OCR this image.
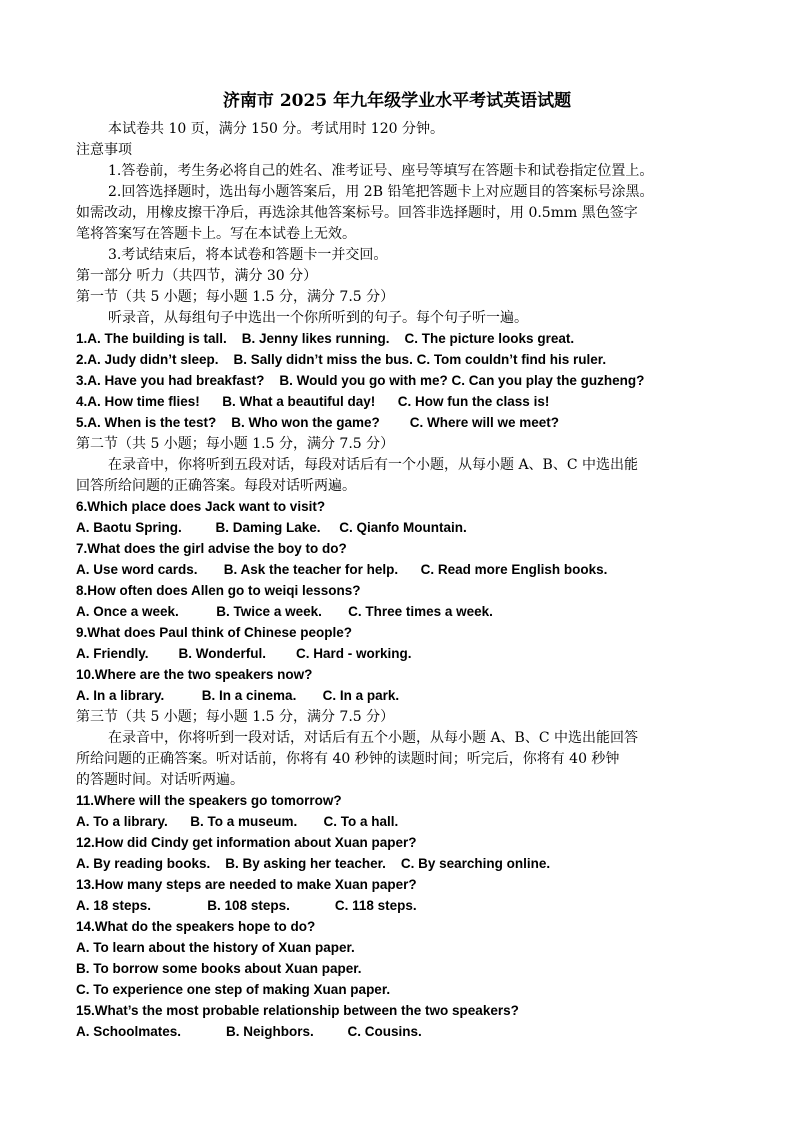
济南市 2025 年九年级学业水平考试英语试题
本试卷共 10 页，满分 150 分。考试用时 120 分钟。
注意事项
1.答卷前，考生务必将自己的姓名、准考证号、座号等填写在答题卡和试卷指定位置上。
2.回答选择题时，选出每小题答案后，用 2B 铅笔把答题卡上对应题目的答案标号涂黑。
如需改动，用橡皮擦干净后，再选涂其他答案标号。回答非选择题时，用 0.5mm 黑色签字
笔将答案写在答题卡上。写在本试卷上无效。
3.考试结束后，将本试卷和答题卡一并交回。
第一部分 听力（共四节，满分 30 分）
第一节（共 5 小题；每小题 1.5 分，满分 7.5 分）
听录音，从每组句子中选出一个你所听到的句子。每个句子听一遍。
1.A. The building is tall.    B. Jenny likes running.    C. The picture looks great.
2.A. Judy didn’t sleep.    B. Sally didn’t miss the bus. C. Tom couldn’t find his ruler.
3.A. Have you had breakfast?    B. Would you go with me? C. Can you play the guzheng?
4.A. How time flies!      B. What a beautiful day!      C. How fun the class is!
5.A. When is the test?    B. Who won the game?        C. Where will we meet?
第二节（共 5 小题；每小题 1.5 分，满分 7.5 分）
在录音中，你将听到五段对话，每段对话后有一个小题，从每小题 A、B、C 中选出能
回答所给问题的正确答案。每段对话听两遍。
6.Which place does Jack want to visit?
A. Baotu Spring.         B. Daming Lake.     C. Qianfo Mountain.
7.What does the girl advise the boy to do?
A. Use word cards.       B. Ask the teacher for help.      C. Read more English books.
8.How often does Allen go to weiqi lessons?
A. Once a week.          B. Twice a week.       C. Three times a week.
9.What does Paul think of Chinese people?
A. Friendly.        B. Wonderful.        C. Hard - working.
10.Where are the two speakers now?
A. In a library.          B. In a cinema.       C. In a park.
第三节（共 5 小题；每小题 1.5 分，满分 7.5 分）
在录音中，你将听到一段对话，对话后有五个小题，从每小题 A、B、C 中选出能回答
所给问题的正确答案。听对话前，你将有 40 秒钟的读题时间；听完后，你将有 40 秒钟
的答题时间。对话听两遍。
11.Where will the speakers go tomorrow?
A. To a library.      B. To a museum.       C. To a hall.
12.How did Cindy get information about Xuan paper?
A. By reading books.    B. By asking her teacher.    C. By searching online.
13.How many steps are needed to make Xuan paper?
A. 18 steps.               B. 108 steps.            C. 118 steps.
14.What do the speakers hope to do?
A. To learn about the history of Xuan paper.
B. To borrow some books about Xuan paper.
C. To experience one step of making Xuan paper.
15.What’s the most probable relationship between the two speakers?
A. Schoolmates.            B. Neighbors.         C. Cousins.
